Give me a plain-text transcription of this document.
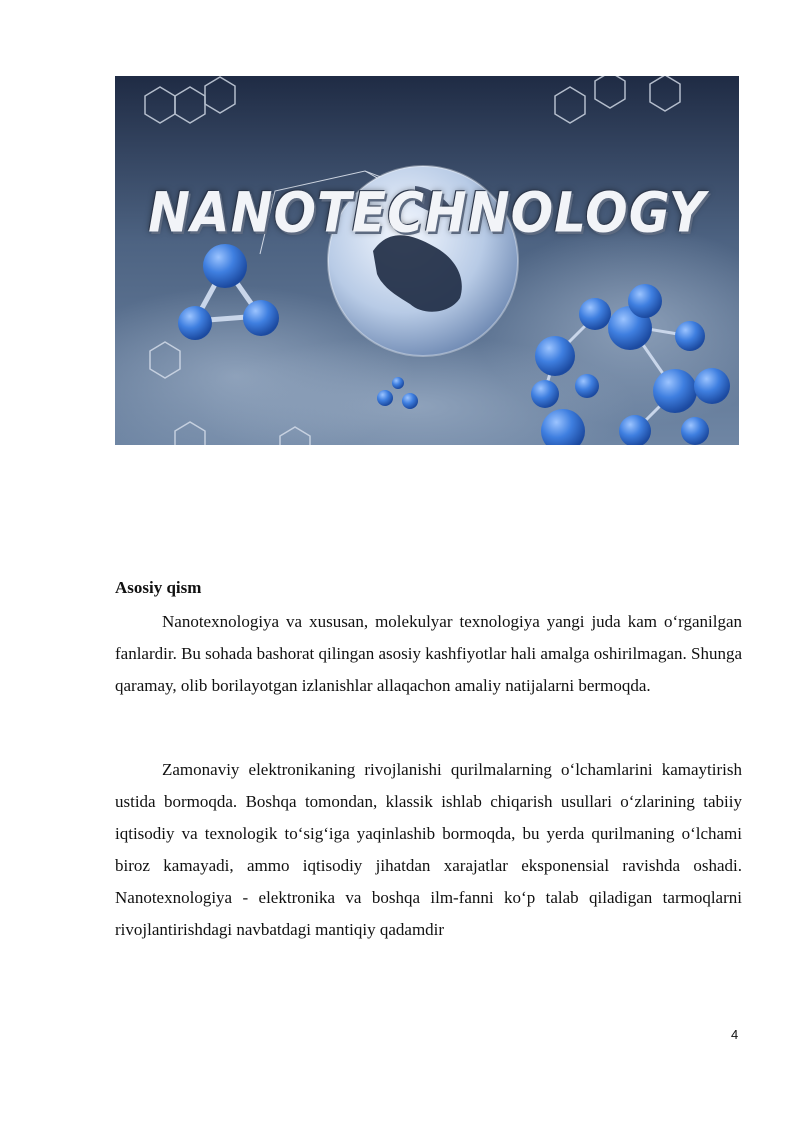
NANOTECHNOLOGY
Asosiy qism

Nanotexnologiya va xususan, molekulyar texnologiya yangi juda kam o‘rganilgan fanlardir. Bu sohada bashorat qilingan asosiy kashfiyotlar hali amalga oshirilmagan. Shunga qaramay, olib borilayotgan izlanishlar allaqachon amaliy natijalarni bermoqda.

Zamonaviy elektronikaning rivojlanishi qurilmalarning o‘lchamlarini kamaytirish ustida bormoqda. Boshqa tomondan, klassik ishlab chiqarish usullari o‘zlarining tabiiy iqtisodiy va texnologik to‘sig‘iga yaqinlashib bormoqda, bu yerda qurilmaning o‘lchami biroz kamayadi, ammo iqtisodiy jihatdan xarajatlar eksponensial ravishda oshadi. Nanotexnologiya - elektronika va boshqa ilm-fanni ko‘p talab qiladigan tarmoqlarni rivojlantirishdagi navbatdagi mantiqiy qadamdir

4
